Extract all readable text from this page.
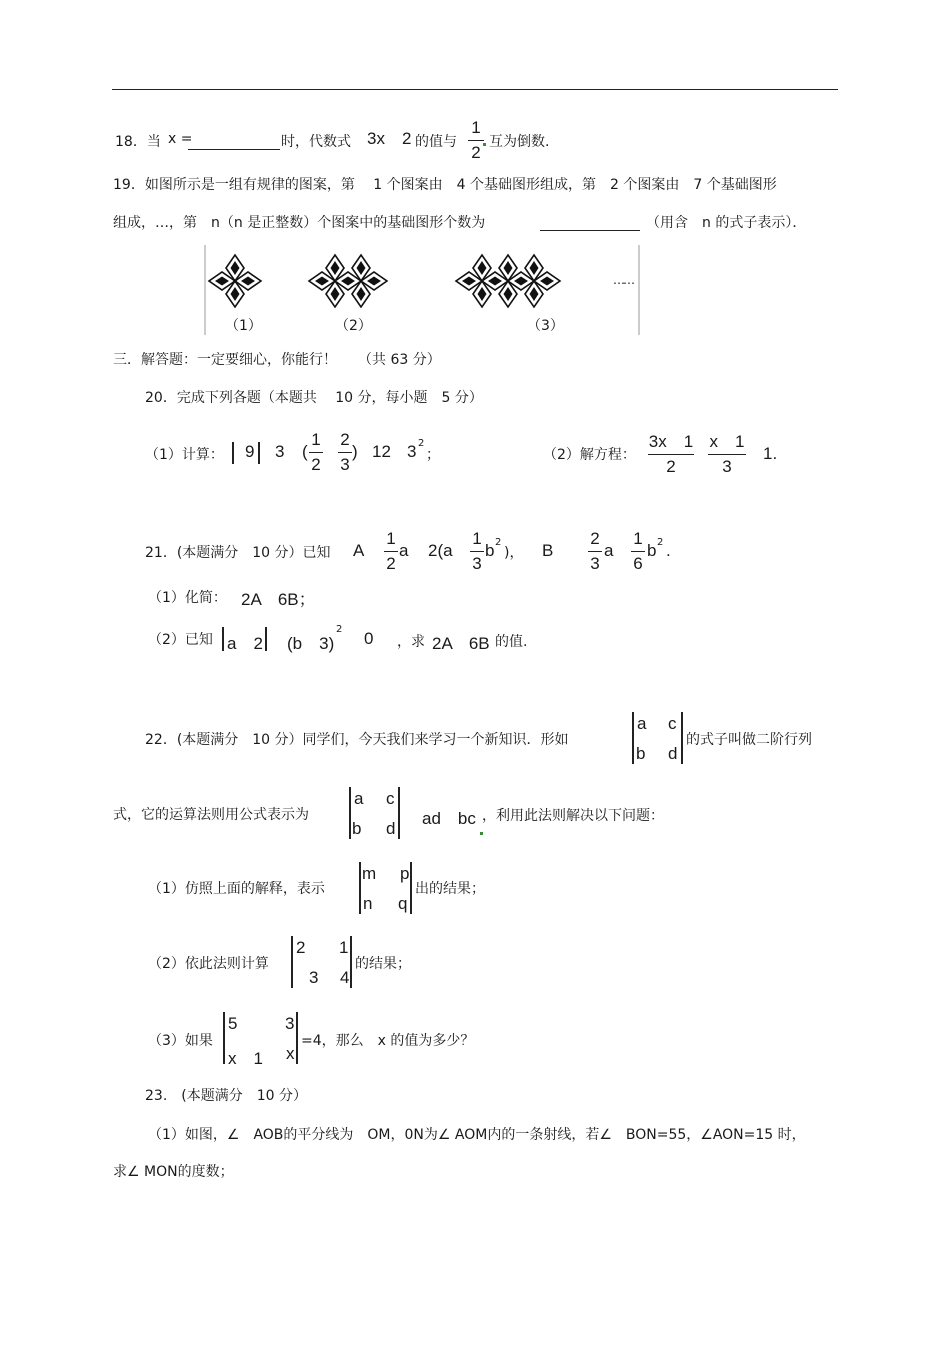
18．当 x =	时，代数式 3x 2 的值与
1
2
互为倒数.
19．如图所示是一组有规律的图案，第　 1 个图案由　4 个基础图形组成，第　2 个图案由　7 个基础图形
组成，…，第　n（n 是正整数）个图案中的基础图形个数为	（用含　n 的式子表示）．
（1）	（2）	（3）
……
三．解答题：一定要细心，你能行！　　（共 63 分）
20．完成下列各题（本题共　 10 分，每小题　5 分）
（1）计算： 9 3 (
1
2
2
3
) 12 3 2
；	（2）解方程：
3x　1
2
x　1
3
1.
21．(本题满分　10 分）已知 A
1
2
a 2(a
1
3
b 2
)， B
2
3
a
1
6
b 2 .
（1）化简： 2A　6B；
（2）已知 a　2 (b　3)
2 0 ，求 2A　6B 的值.
22．(本题满分　10 分）同学们，今天我们来学习一个新知识．形如
a c
b d
的式子叫做二阶行列
式，它的运算法则用公式表示为
a c
b d
ad　bc ，利用此法则解决以下问题：
（1）仿照上面的解释，表示
m p
n q
出的结果；
（2）依此法则计算
2 1
3 4
的结果；
（3）如果
5	3
x　1 x
=4，那么　x 的值为多少？
23.　(本题满分　10 分）
（1）如图，∠　AOB的平分线为　OM，0N为∠ AOM内的一条射线，若∠　BON=55，∠AON=15 时，
求∠ MON的度数；
